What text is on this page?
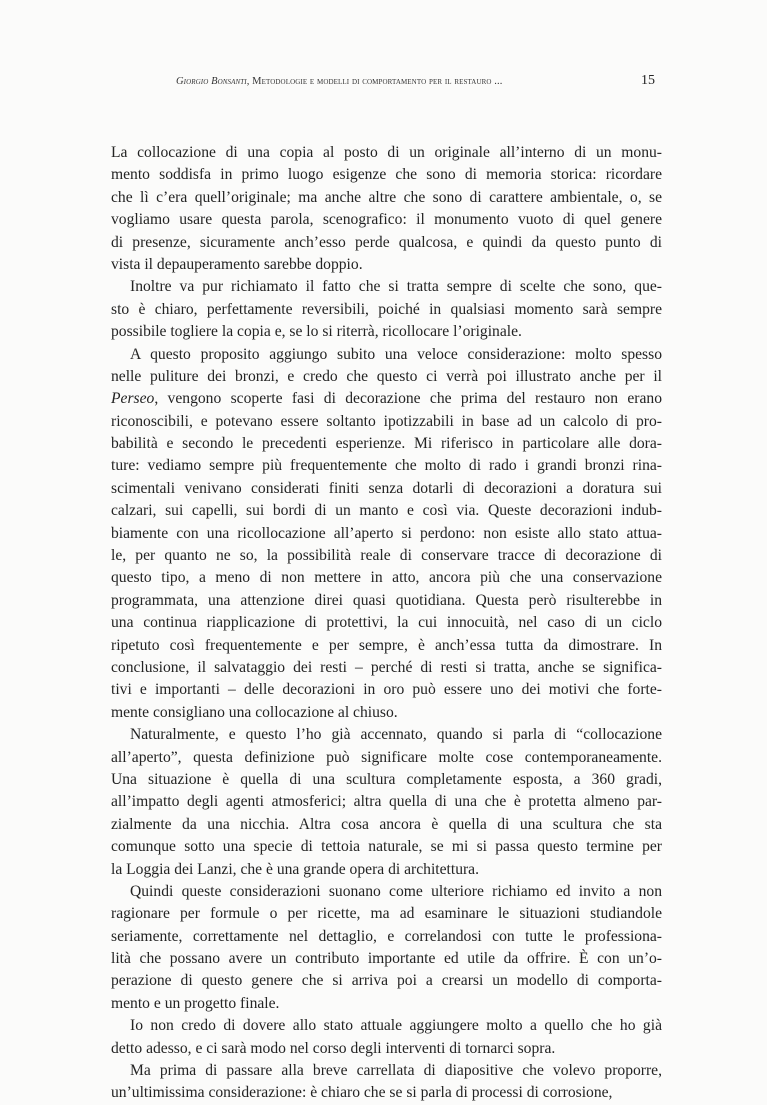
Giorgio Bonsanti, Metodologie e modelli di comportamento per il restauro ...	15
La collocazione di una copia al posto di un originale all’interno di un monu-
mento soddisfa in primo luogo esigenze che sono di memoria storica: ricordare
che lì c’era quell’originale; ma anche altre che sono di carattere ambientale, o, se
vogliamo usare questa parola, scenografico: il monumento vuoto di quel genere
di presenze, sicuramente anch’esso perde qualcosa, e quindi da questo punto di
vista il depauperamento sarebbe doppio.
Inoltre va pur richiamato il fatto che si tratta sempre di scelte che sono, que-
sto è chiaro, perfettamente reversibili, poiché in qualsiasi momento sarà sempre
possibile togliere la copia e, se lo si riterrà, ricollocare l’originale.
A questo proposito aggiungo subito una veloce considerazione: molto spesso
nelle puliture dei bronzi, e credo che questo ci verrà poi illustrato anche per il
Perseo, vengono scoperte fasi di decorazione che prima del restauro non erano
riconoscibili, e potevano essere soltanto ipotizzabili in base ad un calcolo di pro-
babilità e secondo le precedenti esperienze. Mi riferisco in particolare alle dora-
ture: vediamo sempre più frequentemente che molto di rado i grandi bronzi rina-
scimentali venivano considerati finiti senza dotarli di decorazioni a doratura sui
calzari, sui capelli, sui bordi di un manto e così via. Queste decorazioni indub-
biamente con una ricollocazione all’aperto si perdono: non esiste allo stato attua-
le, per quanto ne so, la possibilità reale di conservare tracce di decorazione di
questo tipo, a meno di non mettere in atto, ancora più che una conservazione
programmata, una attenzione direi quasi quotidiana. Questa però risulterebbe in
una continua riapplicazione di protettivi, la cui innocuità, nel caso di un ciclo
ripetuto così frequentemente e per sempre, è anch’essa tutta da dimostrare. In
conclusione, il salvataggio dei resti – perché di resti si tratta, anche se significa-
tivi e importanti – delle decorazioni in oro può essere uno dei motivi che forte-
mente consigliano una collocazione al chiuso.
Naturalmente, e questo l’ho già accennato, quando si parla di “collocazione
all’aperto”, questa definizione può significare molte cose contemporaneamente.
Una situazione è quella di una scultura completamente esposta, a 360 gradi,
all’impatto degli agenti atmosferici; altra quella di una che è protetta almeno par-
zialmente da una nicchia. Altra cosa ancora è quella di una scultura che sta
comunque sotto una specie di tettoia naturale, se mi si passa questo termine per
la Loggia dei Lanzi, che è una grande opera di architettura.
Quindi queste considerazioni suonano come ulteriore richiamo ed invito a non
ragionare per formule o per ricette, ma ad esaminare le situazioni studiandole
seriamente, correttamente nel dettaglio, e correlandosi con tutte le professiona-
lità che possano avere un contributo importante ed utile da offrire. È con un’o-
perazione di questo genere che si arriva poi a crearsi un modello di comporta-
mento e un progetto finale.
Io non credo di dovere allo stato attuale aggiungere molto a quello che ho già
detto adesso, e ci sarà modo nel corso degli interventi di tornarci sopra.
Ma prima di passare alla breve carrellata di diapositive che volevo proporre,
un’ultimissima considerazione: è chiaro che se si parla di processi di corrosione,
